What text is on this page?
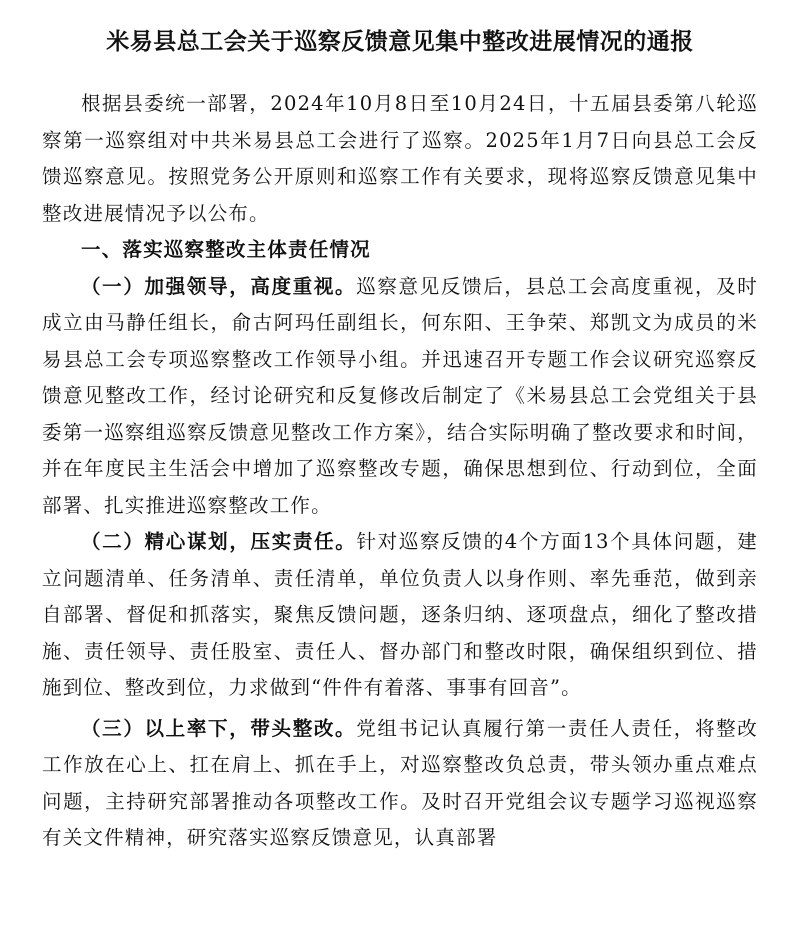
米易县总工会关于巡察反馈意见集中整改进展情况的通报

根据县委统一部署，2024年10月8日至10月24日，十五届县委第八轮巡察第一巡察组对中共米易县总工会进行了巡察。2025年1月7日向县总工会反馈巡察意见。按照党务公开原则和巡察工作有关要求，现将巡察反馈意见集中整改进展情况予以公布。

一、落实巡察整改主体责任情况

（一）加强领导，高度重视。巡察意见反馈后，县总工会高度重视，及时成立由马静任组长，俞古阿玛任副组长，何东阳、王争荣、郑凯文为成员的米易县总工会专项巡察整改工作领导小组。并迅速召开专题工作会议研究巡察反馈意见整改工作，经讨论研究和反复修改后制定了《米易县总工会党组关于县委第一巡察组巡察反馈意见整改工作方案》，结合实际明确了整改要求和时间，并在年度民主生活会中增加了巡察整改专题，确保思想到位、行动到位，全面部署、扎实推进巡察整改工作。

（二）精心谋划，压实责任。针对巡察反馈的4个方面13个具体问题，建立问题清单、任务清单、责任清单，单位负责人以身作则、率先垂范，做到亲自部署、督促和抓落实，聚焦反馈问题，逐条归纳、逐项盘点，细化了整改措施、责任领导、责任股室、责任人、督办部门和整改时限，确保组织到位、措施到位、整改到位，力求做到“件件有着落、事事有回音”。

（三）以上率下，带头整改。党组书记认真履行第一责任人责任，将整改工作放在心上、扛在肩上、抓在手上，对巡察整改负总责，带头领办重点难点问题，主持研究部署推动各项整改工作。及时召开党组会议专题学习巡视巡察有关文件精神，研究落实巡察反馈意见，认真部署
